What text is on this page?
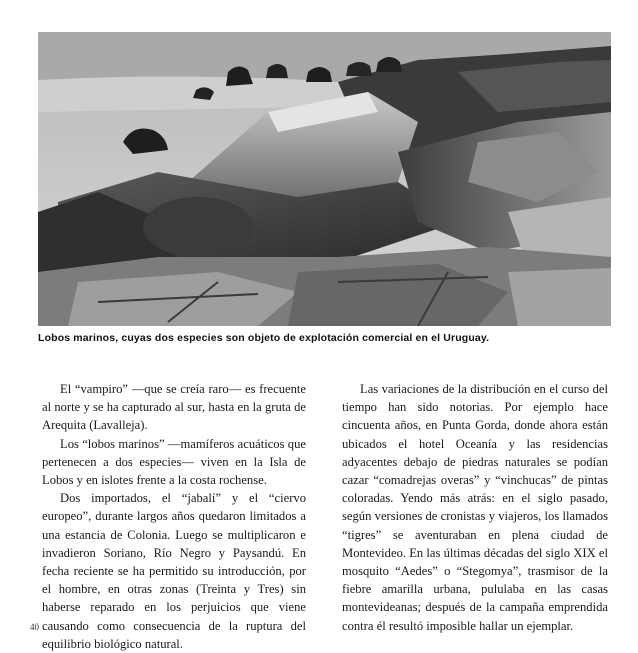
Lobos marinos, cuyas dos especies son objeto de explotación comercial en el Uruguay.

El “vampiro” —que se creía raro— es frecuente al norte y se ha capturado al sur, hasta en la gruta de Arequita (Lavalleja).

Los “lobos marinos” —mamíferos acuáticos que pertenecen a dos especies— viven en la Isla de Lobos y en islotes frente a la costa rochense.

Dos importados, el “jabalí” y el “ciervo europeo”, durante largos años quedaron limitados a una estancia de Colonia. Luego se multiplicaron e invadieron Soriano, Río Negro y Paysandú. En fecha reciente se ha permitido su introducción, por el hombre, en otras zonas (Treinta y Tres) sin haberse reparado en los perjuicios que viene causando como consecuencia de la ruptura del equilibrio biológico natural.

Las variaciones de la distribución en el curso del tiempo han sido notorias. Por ejemplo hace cincuenta años, en Punta Gorda, donde ahora están ubicados el hotel Oceanía y las residencias adyacentes debajo de piedras naturales se podían cazar “comadrejas overas” y “vinchucas” de pintas coloradas. Yendo más atrás: en el siglo pasado, según versiones de cronistas y viajeros, los llamados “tigres” se aventuraban en plena ciudad de Montevideo. En las últimas décadas del siglo XIX el mosquito “Aedes” o “Stegomya”, trasmisor de la fiebre amarilla urbana, pululaba en las casas montevideanas; después de la campaña emprendida contra él resultó imposible hallar un ejemplar.

40
